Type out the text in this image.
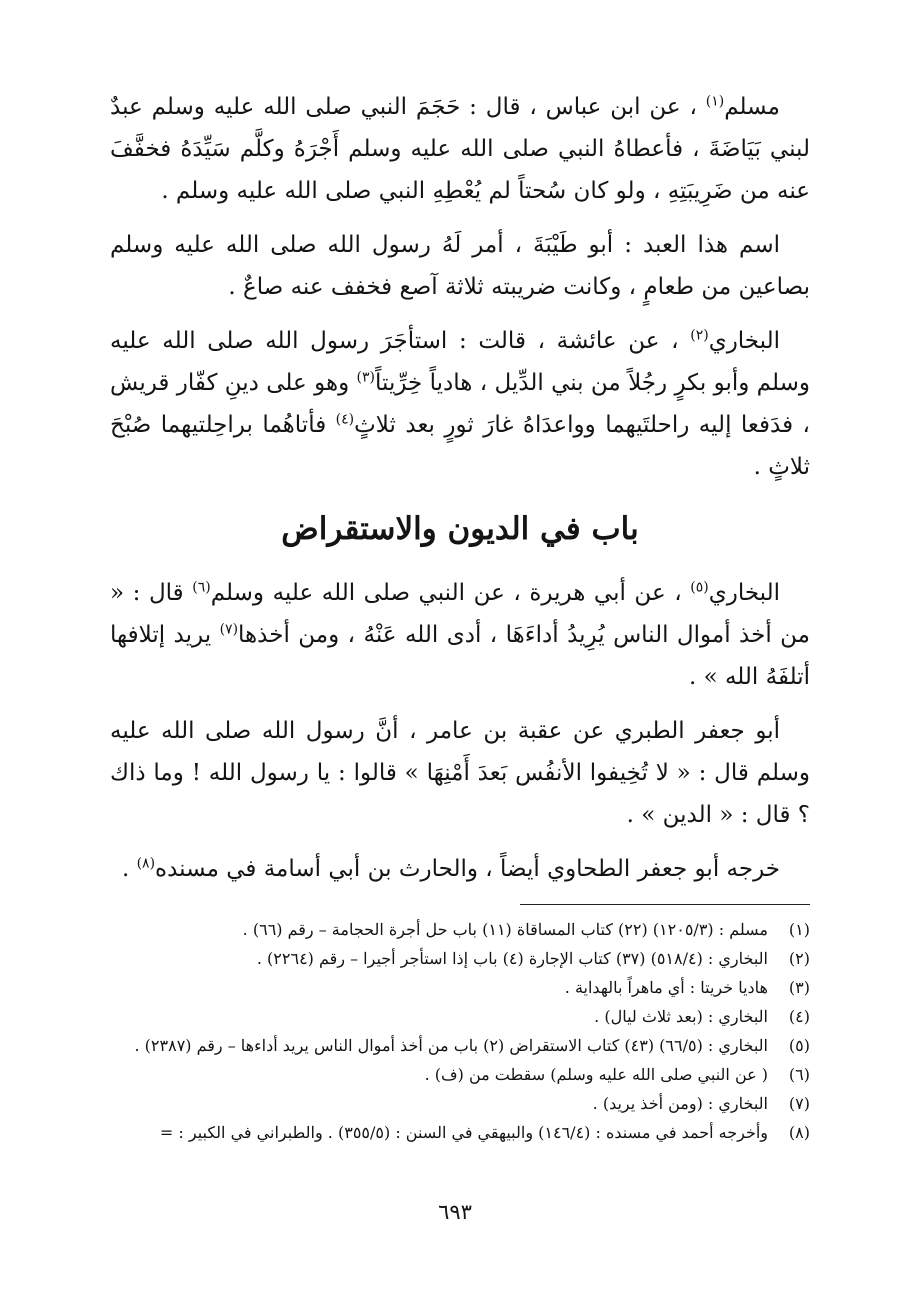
مسلم$^{(١)}$ ، عن ابن عباس ، قال : حَجَمَ النبي صلى الله عليه وسلم عبدٌ لبني بَيَاضَةَ ، فأعطاهُ النبي صلى الله عليه وسلم أَجْرَهُ وكلَّم سَيِّدَهُ فخفَّفَ عنه من ضَرِيبَتِهِ ، ولو كان سُحتاً لم يُعْطِهِ النبي صلى الله عليه وسلم .

اسم هذا العبد : أبو طَيْبَةَ ، أمر لَهُ رسول الله صلى الله عليه وسلم بصاعين من طعامٍ ، وكانت ضريبته ثلاثة آصع فخفف عنه صاعٌ .

البخاري$^{(٢)}$ ، عن عائشة ، قالت : استأجَرَ رسول الله صلى الله عليه وسلم وأبو بكرٍ رجُلاً من بني الدِّيل ، هادياً خِرِّيتاً$^{(٣)}$ وهو على دينِ كفّار قريش ، فدَفعا إليه راحلتَيهما وواعدَاهُ غارَ ثورٍ بعد ثلاثٍ$^{(٤)}$ فأتاهُما براحِلتيهما صُبْحَ ثلاثٍ .

باب في الديون والاستقراض

البخاري$^{(٥)}$ ، عن أبي هريرة ، عن النبي صلى الله عليه وسلم$^{(٦)}$ قال : « من أخذ أموال الناس يُرِيدُ أداءَهَا ، أدى الله عَنْهُ ، ومن أخذها$^{(٧)}$ يريد إتلافها أتلفَهُ الله » .

أبو جعفر الطبري عن عقبة بن عامر ، أنَّ رسول الله صلى الله عليه وسلم قال : « لا تُخِيفوا الأنفُس بَعدَ أَمْنِهَا » قالوا : يا رسول الله ! وما ذاك ؟ قال : « الدين » .

خرجه أبو جعفر الطحاوي أيضاً ، والحارث بن أبي أسامة في مسنده$^{(٨)}$ .

(١)
مسلم : (١٢٠٥/٣) (٢٢) كتاب المساقاة (١١) باب حل أجرة الحجامة – رقم (٦٦) .
(٢)
البخاري : (٥١٨/٤) (٣٧) كتاب الإجارة (٤) باب إذا استأجر أجيرا – رقم (٢٢٦٤) .
(٣)
هاديا خريتا : أي ماهراً بالهداية .
(٤)
البخاري : (بعد ثلاث ليال) .
(٥)
البخاري : (٦٦/٥) (٤٣) كتاب الاستقراض (٢) باب من أخذ أموال الناس يريد أداءها – رقم (٢٣٨٧) .
(٦)
( عن النبي صلى الله عليه وسلم) سقطت من (ف) .
(٧)
البخاري : (ومن أخذ يريد) .
(٨)
وأخرجه أحمد في مسنده : (١٤٦/٤) والبيهقي في السنن : (٣٥٥/٥) . والطبراني في الكبير : =
٦٩٣
